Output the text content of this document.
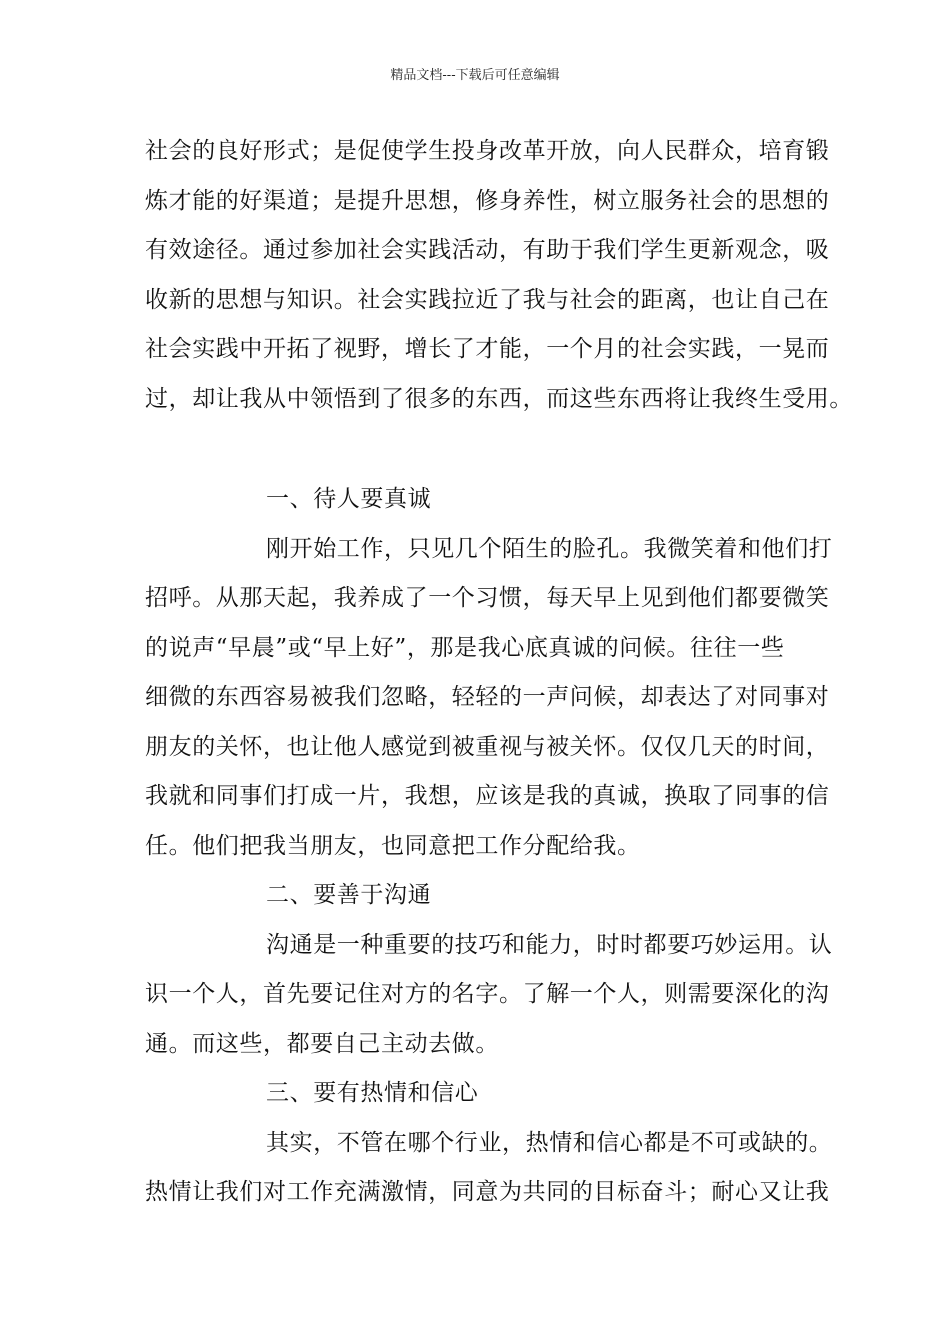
精品文档---下载后可任意编辑
社会的良好形式；是促使学生投身改革开放，向人民群众，培育锻
炼才能的好渠道；是提升思想，修身养性，树立服务社会的思想的
有效途径。通过参加社会实践活动，有助于我们学生更新观念，吸
收新的思想与知识。社会实践拉近了我与社会的距离，也让自己在
社会实践中开拓了视野，增长了才能，一个月的社会实践，一晃而
过，却让我从中领悟到了很多的东西，而这些东西将让我终生受用。
一、待人要真诚
刚开始工作，只见几个陌生的脸孔。我微笑着和他们打
招呼。从那天起，我养成了一个习惯，每天早上见到他们都要微笑
的说声“早晨”或“早上好”，那是我心底真诚的问候。往往一些
细微的东西容易被我们忽略，轻轻的一声问候，却表达了对同事对
朋友的关怀，也让他人感觉到被重视与被关怀。仅仅几天的时间，
我就和同事们打成一片，我想，应该是我的真诚，换取了同事的信
任。他们把我当朋友，也同意把工作分配给我。
二、要善于沟通
沟通是一种重要的技巧和能力，时时都要巧妙运用。认
识一个人，首先要记住对方的名字。了解一个人，则需要深化的沟
通。而这些，都要自己主动去做。
三、要有热情和信心
其实，不管在哪个行业，热情和信心都是不可或缺的。
热情让我们对工作充满激情，同意为共同的目标奋斗；耐心又让我
